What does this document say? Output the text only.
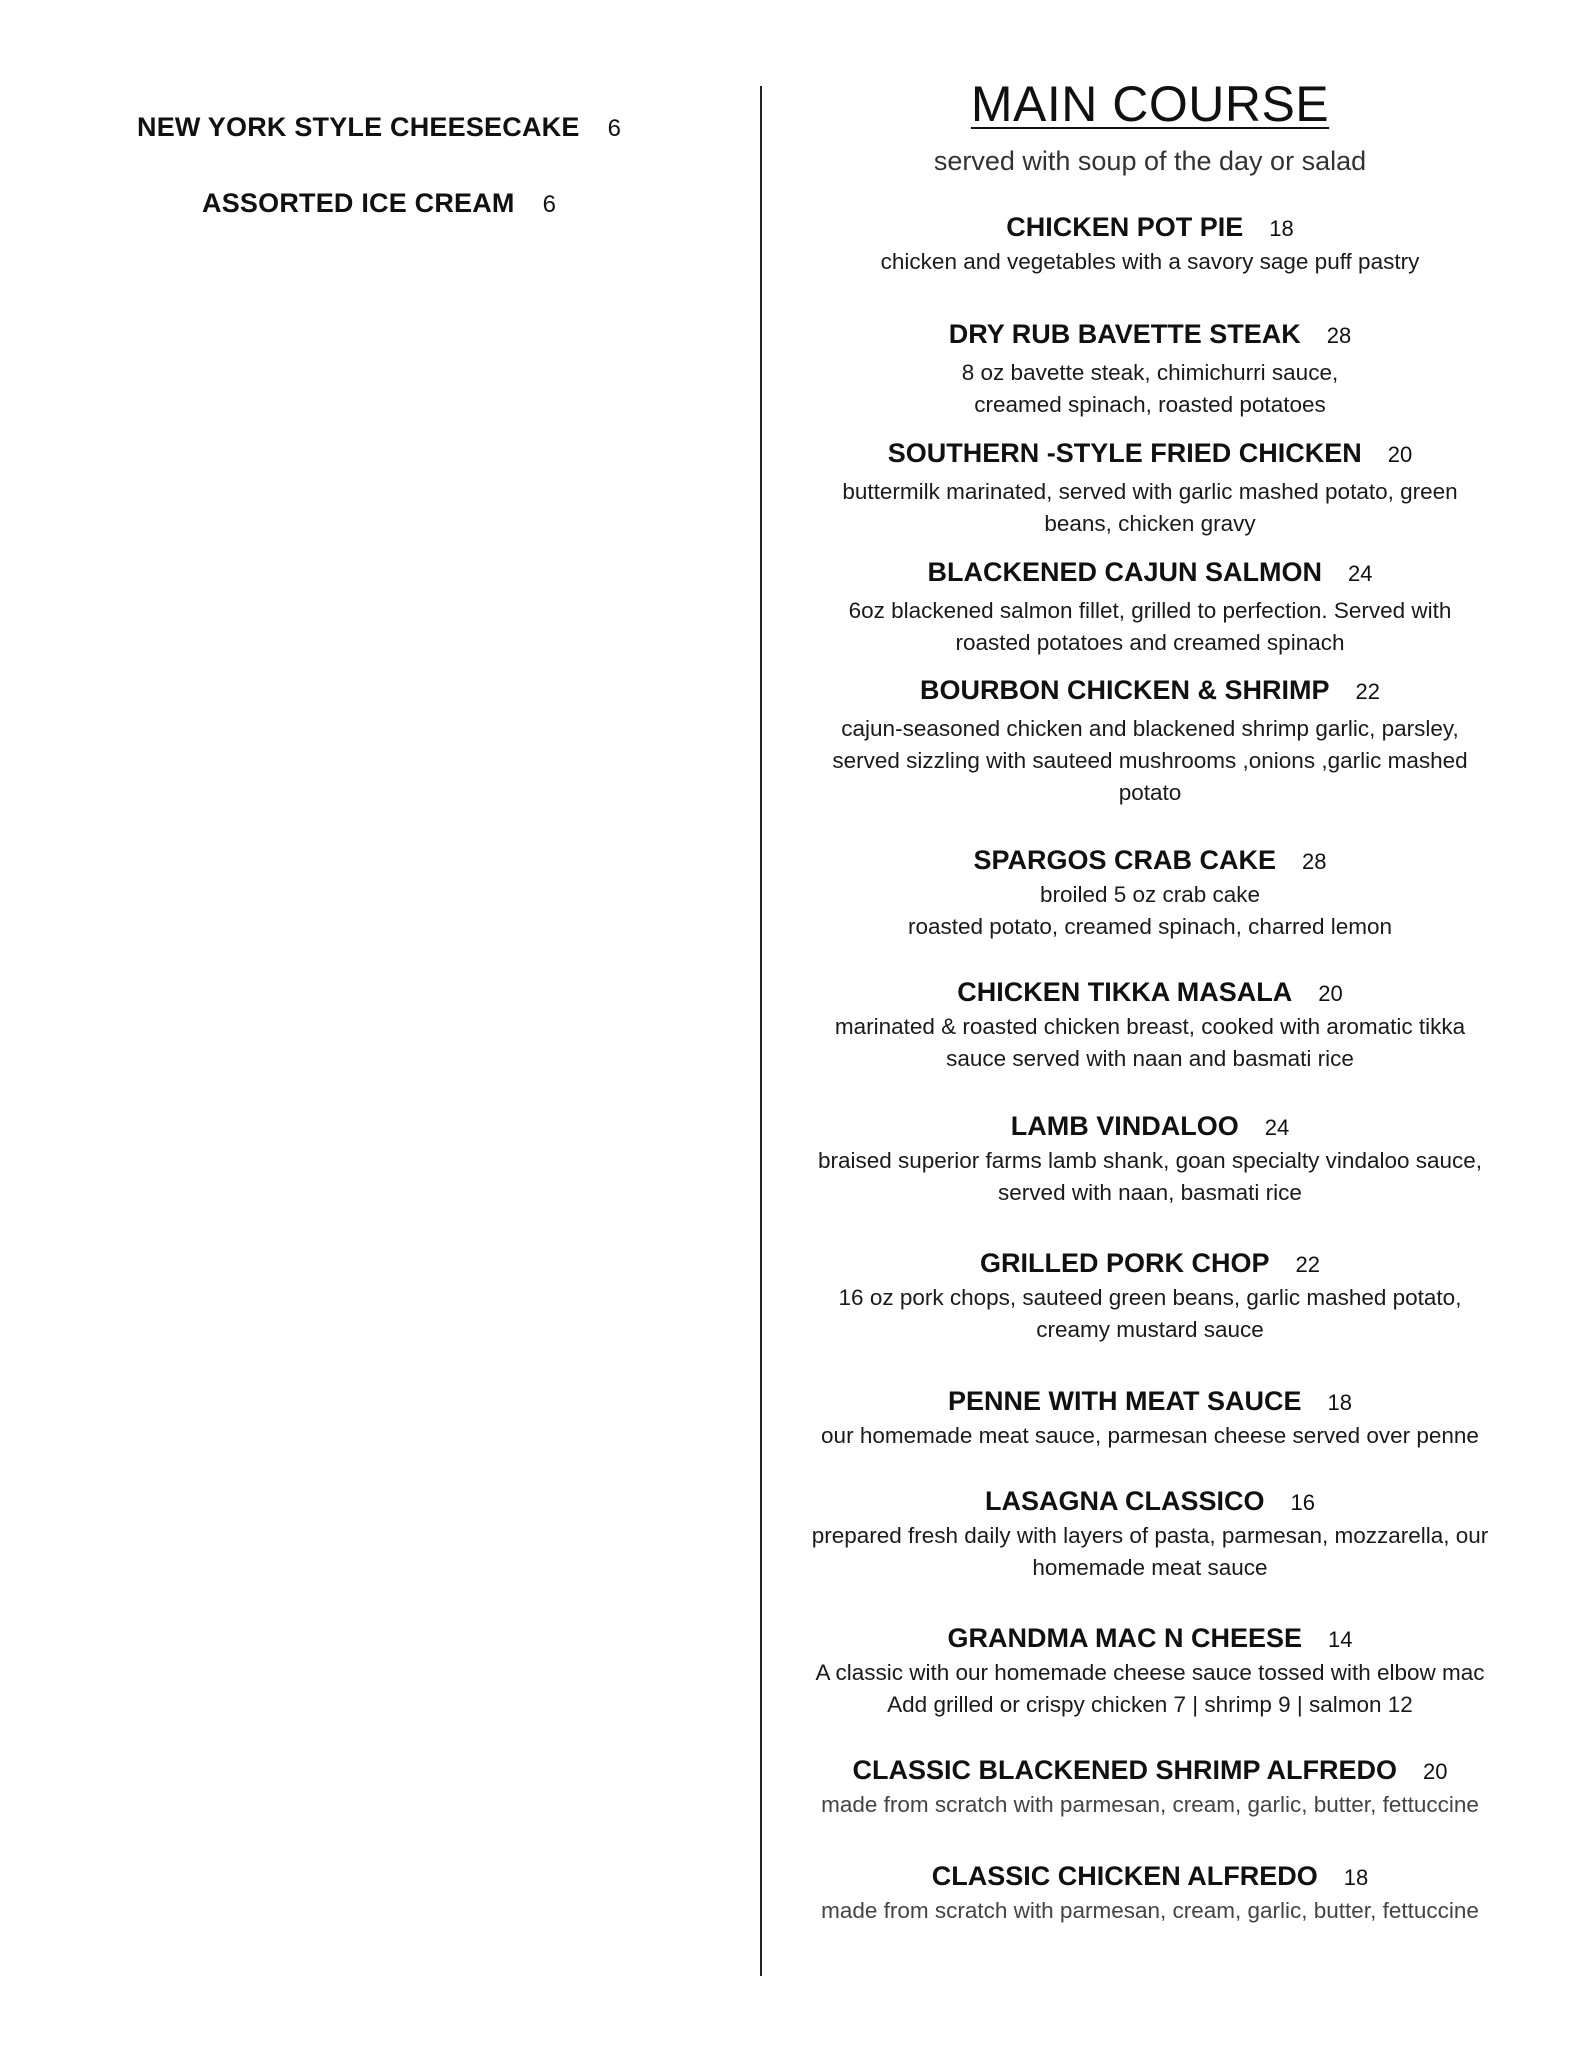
NEW YORK STYLE CHEESECAKE 6
ASSORTED ICE CREAM 6
MAIN COURSE
served with soup of the day or salad
CHICKEN POT PIE 18
chicken and vegetables with a savory sage puff pastry
DRY RUB BAVETTE STEAK 28
8 oz bavette steak, chimichurri sauce,
creamed spinach, roasted potatoes
SOUTHERN -STYLE FRIED CHICKEN 20
buttermilk marinated, served with garlic mashed potato, green
beans, chicken gravy
BLACKENED CAJUN SALMON 24
6oz blackened salmon fillet, grilled to perfection. Served with
roasted potatoes and creamed spinach
BOURBON CHICKEN & SHRIMP 22
cajun-seasoned chicken and blackened shrimp garlic, parsley,
served sizzling with sauteed mushrooms ,onions ,garlic mashed
potato
SPARGOS CRAB CAKE 28
broiled 5 oz crab cake
roasted potato, creamed spinach, charred lemon
CHICKEN TIKKA MASALA 20
marinated & roasted chicken breast, cooked with aromatic tikka
sauce served with naan and basmati rice
LAMB VINDALOO 24
braised superior farms lamb shank, goan specialty vindaloo sauce,
served with naan, basmati rice
GRILLED PORK CHOP 22
16 oz pork chops, sauteed green beans, garlic mashed potato,
creamy mustard sauce
PENNE WITH MEAT SAUCE 18
our homemade meat sauce, parmesan cheese served over penne
LASAGNA CLASSICO 16
prepared fresh daily with layers of pasta, parmesan, mozzarella, our
homemade meat sauce
GRANDMA MAC N CHEESE 14
A classic with our homemade cheese sauce tossed with elbow mac
Add grilled or crispy chicken 7 | shrimp 9 | salmon 12
CLASSIC BLACKENED SHRIMP ALFREDO 20
made from scratch with parmesan, cream, garlic, butter, fettuccine
CLASSIC CHICKEN ALFREDO 18
made from scratch with parmesan, cream, garlic, butter, fettuccine
